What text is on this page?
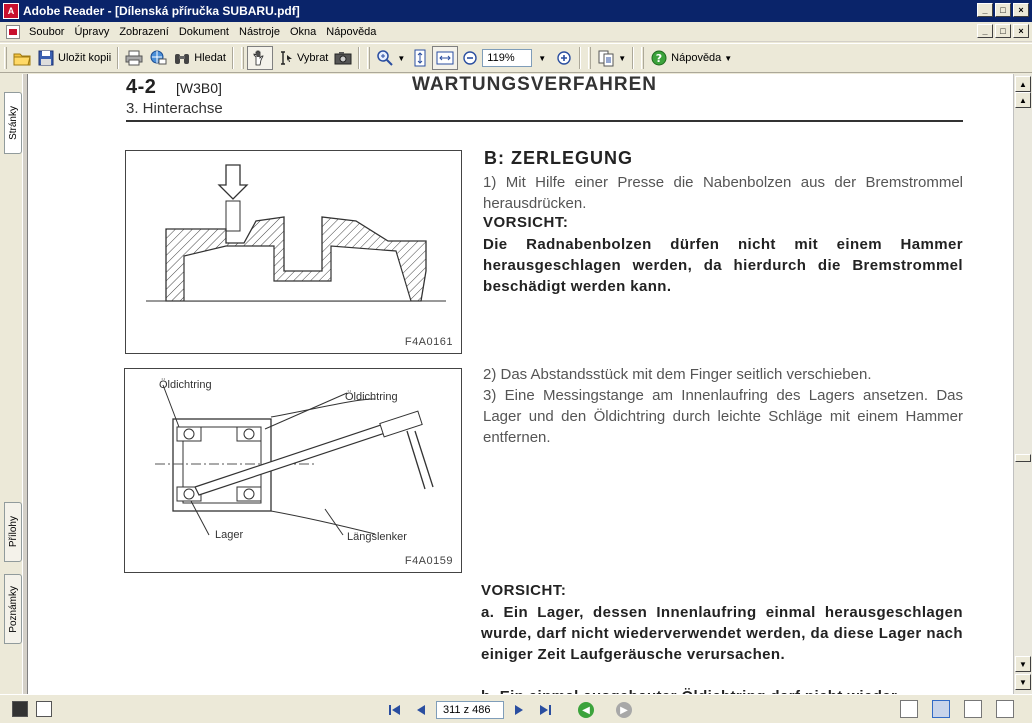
A Adobe Reader - [Dílenská příručka SUBARU.pdf]	_	□	×
Soubor Úpravy Zobrazení Dokument Nástroje Okna Nápověda	_	□	×
Uložit kopii	Hledat	Vybrat	▼	119%	▼	▼	? Nápověda ▼
Stránky
Přílohy
Poznámky
4-2 [W3B0]
3. Hinterachse
WARTUNGSVERFAHREN
F4A0161
Öldichtring
Öldichtring
Lager	Längslenker
F4A0159
B: ZERLEGUNG
1) Mit Hilfe einer Presse die Nabenbolzen aus der Bremstrommel herausdrücken.
VORSICHT:
Die Radnabenbolzen dürfen nicht mit einem Hammer herausgeschlagen werden, da hierdurch die Bremstrommel beschädigt werden kann.
2) Das Abstandsstück mit dem Finger seitlich verschieben.
3) Eine Messingstange am Innenlaufring des Lagers ansetzen. Das Lager und den Öldichtring durch leichte Schläge mit einem Hammer entfernen.
VORSICHT:
a. Ein Lager, dessen Innenlaufring einmal herausgeschlagen wurde, darf nicht wiederverwendet werden, da diese Lager nach einiger Zeit Laufgeräusche verursachen.
▲
▲
▼
▼
311 z 486	◀	▶
